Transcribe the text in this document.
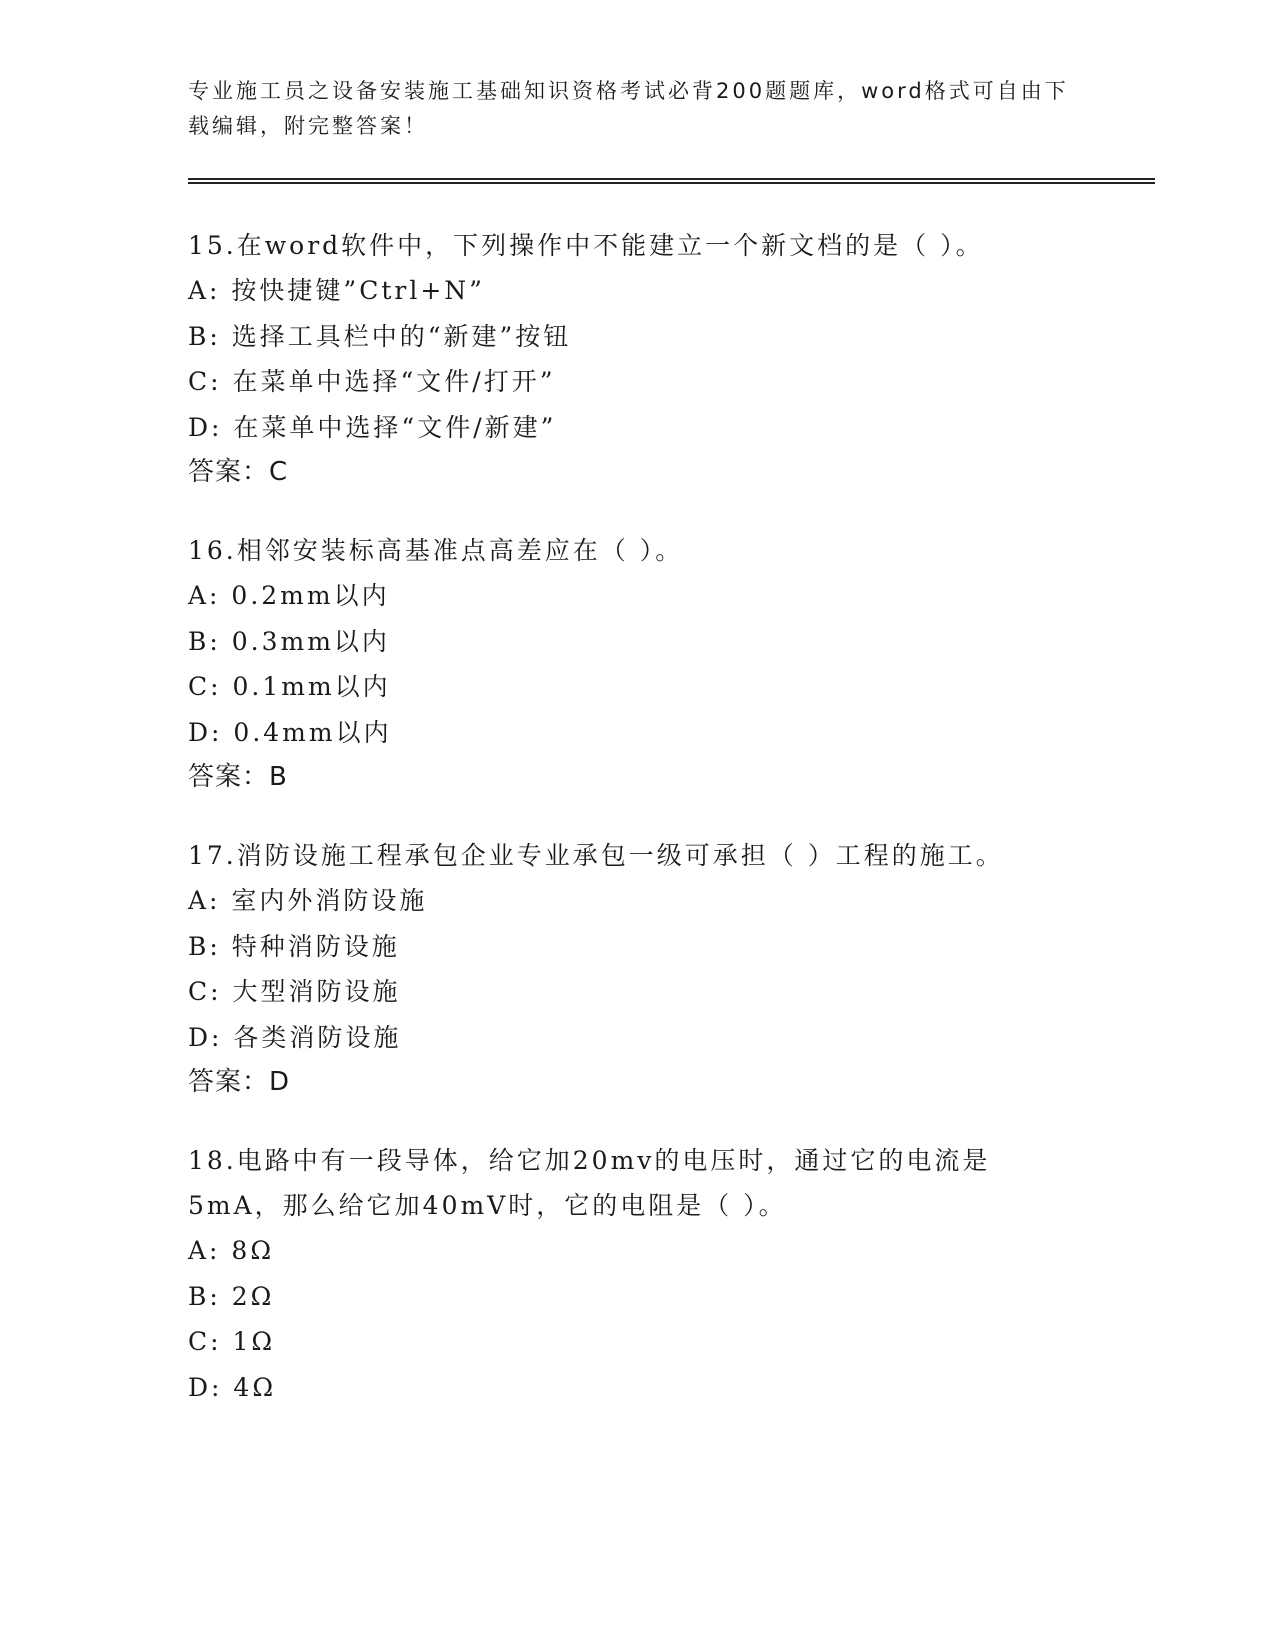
专业施工员之设备安装施工基础知识资格考试必背200题题库，word格式可自由下载编辑，附完整答案！
15.在word软件中，下列操作中不能建立一个新文档的是（ ）。
A: 按快捷键”Ctrl+N”
B: 选择工具栏中的“新建”按钮
C: 在菜单中选择“文件/打开”
D: 在菜单中选择“文件/新建”
答案：C
16.相邻安装标高基准点高差应在（ ）。
A: 0.2mm以内
B: 0.3mm以内
C: 0.1mm以内
D: 0.4mm以内
答案：B
17.消防设施工程承包企业专业承包一级可承担（ ）工程的施工。
A: 室内外消防设施
B: 特种消防设施
C: 大型消防设施
D: 各类消防设施
答案：D
18.电路中有一段导体，给它加20mv的电压时，通过它的电流是5mA，那么给它加40mV时，它的电阻是（ ）。
A: 8Ω
B: 2Ω
C: 1Ω
D: 4Ω
